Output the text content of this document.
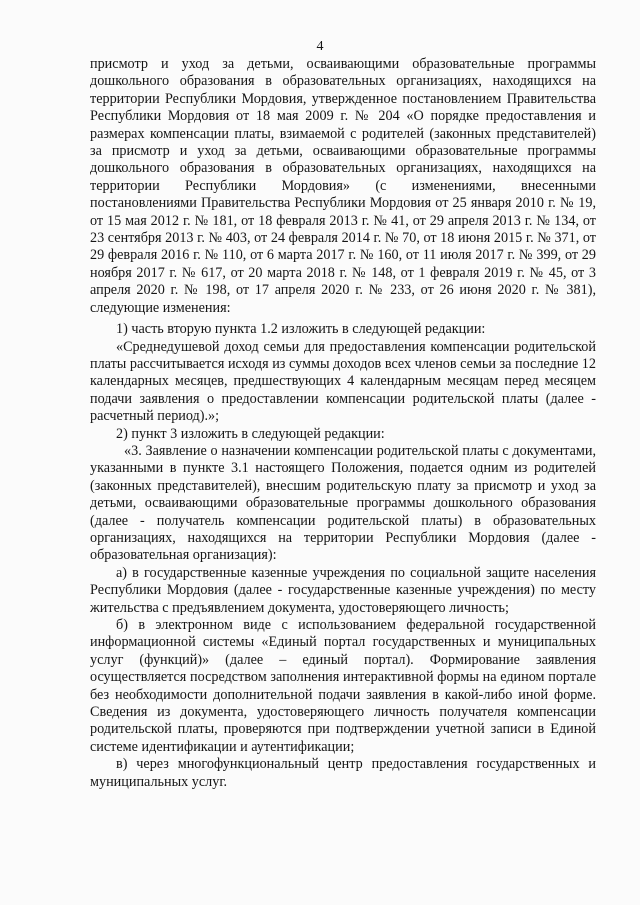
4

присмотр и уход за детьми, осваивающими образовательные программы дошкольного образования в образовательных организациях, находящихся на территории Республики Мордовия, утвержденное постановлением Правительства Республики Мордовия от 18 мая 2009 г. № 204 «О порядке предоставления и размерах компенсации платы, взимаемой с родителей (законных представителей) за присмотр и уход за детьми, осваивающими образовательные программы дошкольного образования в образовательных организациях, находящихся на территории Республики Мордовия» (с изменениями, внесенными постановлениями Правительства Республики Мордовия от 25 января 2010 г. № 19, от 15 мая 2012 г. № 181, от 18 февраля 2013 г. № 41, от 29 апреля 2013 г. № 134, от 23 сентября 2013 г. № 403, от 24 февраля 2014 г. № 70, от 18 июня 2015 г. № 371, от 29 февраля 2016 г. № 110, от 6 марта 2017 г. № 160, от 11 июля 2017 г. № 399, от 29 ноября 2017 г. № 617, от 20 марта 2018 г. № 148, от 1 февраля 2019 г. № 45, от 3 апреля 2020 г. № 198, от 17 апреля 2020 г. № 233, от 26 июня 2020 г. № 381), следующие изменения:

1) часть вторую пункта 1.2 изложить в следующей редакции:

«Среднедушевой доход семьи для предоставления компенсации родительской платы рассчитывается исходя из суммы доходов всех членов семьи за последние 12 календарных месяцев, предшествующих 4 календарным месяцам перед месяцем подачи заявления о предоставлении компенсации родительской платы (далее - расчетный период).»;

2) пункт 3 изложить в следующей редакции:

«3. Заявление о назначении компенсации родительской платы с документами, указанными в пункте 3.1 настоящего Положения, подается одним из родителей (законных представителей), внесшим родительскую плату за присмотр и уход за детьми, осваивающими образовательные программы дошкольного образования (далее - получатель компенсации родительской платы) в образовательных организациях, находящихся на территории Республики Мордовия (далее - образовательная организация):

а) в государственные казенные учреждения по социальной защите населения Республики Мордовия (далее - государственные казенные учреждения) по месту жительства с предъявлением документа, удостоверяющего личность;

б) в электронном виде с использованием федеральной государственной информационной системы «Единый портал государственных и муниципальных услуг (функций)» (далее – единый портал). Формирование заявления осуществляется посредством заполнения интерактивной формы на едином портале без необходимости дополнительной подачи заявления в какой-либо иной форме. Сведения из документа, удостоверяющего личность получателя компенсации родительской платы, проверяются при подтверждении учетной записи в Единой системе идентификации и аутентификации;

в) через многофункциональный центр предоставления государственных и муниципальных услуг.
